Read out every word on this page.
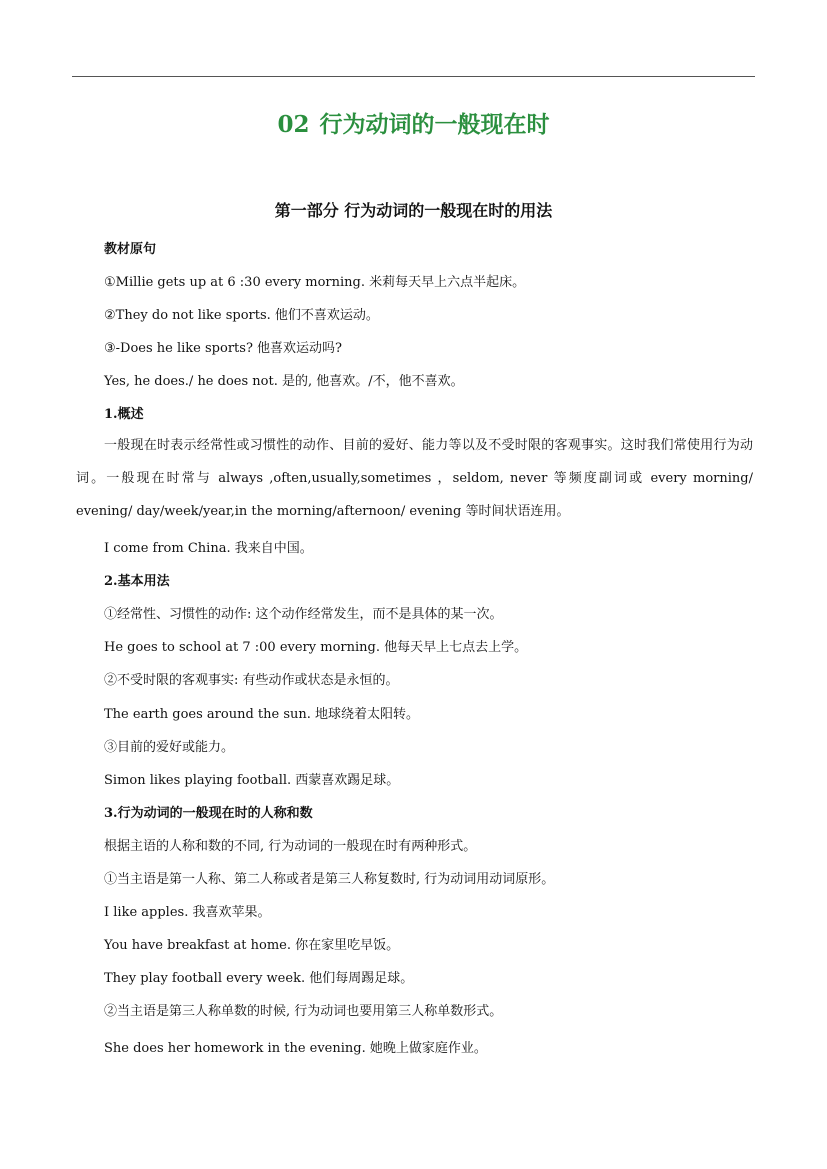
02 行为动词的一般现在时
第一部分 行为动词的一般现在时的用法

教材原句

①Millie gets up at 6 :30 every morning. 米莉每天早上六点半起床。

②They do not like sports. 他们不喜欢运动。

③-Does he like sports? 他喜欢运动吗?

Yes, he does./ he does not. 是的, 他喜欢。/不，他不喜欢。

1.概述

一般现在时表示经常性或习惯性的动作、目前的爱好、能力等以及不受时限的客观事实。这时我们常使用行为动词。一般现在时常与 always ,often,usually,sometimes ，seldom, never 等频度副词或 every morning/ evening/ day/week/year,in the morning/afternoon/ evening 等时间状语连用。

I come from China. 我来自中国。

2.基本用法

①经常性、习惯性的动作: 这个动作经常发生，而不是具体的某一次。

He goes to school at 7 :00 every morning. 他每天早上七点去上学。

②不受时限的客观事实: 有些动作或状态是永恒的。

The earth goes around the sun. 地球绕着太阳转。

③目前的爱好或能力。

Simon likes playing football. 西蒙喜欢踢足球。

3.行为动词的一般现在时的人称和数

根据主语的人称和数的不同, 行为动词的一般现在时有两种形式。

①当主语是第一人称、第二人称或者是第三人称复数时, 行为动词用动词原形。

I like apples. 我喜欢苹果。

You have breakfast at home. 你在家里吃早饭。

They play football every week. 他们每周踢足球。

②当主语是第三人称单数的时候, 行为动词也要用第三人称单数形式。

She does her homework in the evening. 她晚上做家庭作业。
